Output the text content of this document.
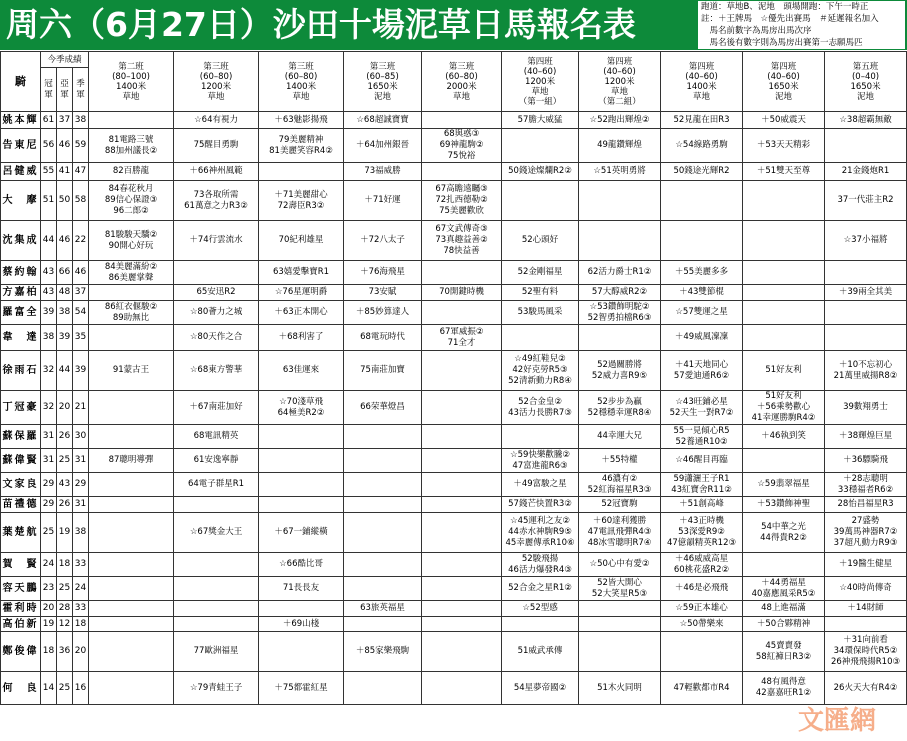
周六（6月27日）沙田十場泥草日馬報名表	跑道：草地B、泥地　頭場開跑：下午一時正
註：＋王牌馬　☆優先出賽馬　＃延遲報名加入
　馬名前數字為馬房出馬次序
　馬名後有數字則為馬房出賽第一志願馬匹
騎	今季成績			第二班
(80–100)
1400米
草地	第三班
(60–80)
1200米
草地	第三班
(60–80)
1400米
草地	第三班
(60–85)
1650米
泥地	第三班
(60–80)
2000米
草地	第四班
(40–60)
1200米
草地
（第一組）	第四班
(40–60)
1200米
草地
（第二組）	第四班
(40–60)
1400米
草地	第四班
(40–60)
1650米
泥地	第五班
(0–40)
1650米
泥地

	冠軍	亞軍	季軍										
姚本輝	61	37	38		☆64有視力	＋63魅影揚飛	☆68超誠寶寶		57膽大威猛	☆52跑出輝煌②	52見龍在田R3	＋50威震天	☆38超霸無敵

告東尼	56	46	59	81電路三號
88加州議長②	75醒目勇駒	79美麗精神
81美麗笑容R4②	＋64加州銀晉	68與惑③
69神龍駒②
75悅裕		49龍鑽輝煌	☆54線路勇駒	＋53天天精彩	

呂健威	55	41	47	82百勝龍	＋66神州風範		73福威勝		50錢途燦爛R2②	☆51英明勇將	50錢途光輝R2	＋51雙天至尊	21金錢炮R1

大　摩	51	50	58	84春花秋月
89信心保證③
96二郎②	73各取所需
61萬意之力R3②	＋71美麗甜心
72壽臣R3②	＋71好運	67高瞻遠矚③
72扎西德勒②
75美麗歡欣					37一代莊主R2

沈集成	44	46	22	81駿駿天驕②
90開心好玩	＋74行雲流水	70紀利雄星	＋72八太子	67文武傳奇③
73真趣益善②
78快益善	52心頭好				☆37小福將

蔡約翰	43	66	46	84美麗滿紛②
86美麗掌聲		63嬉愛擊寶R1	＋76海飛星		52金剛福星	62活力爵士R1②	＋55美麗多多		

方嘉柏	43	48	37		65安迅R2	☆76星運明爵	73安賦	70開鍵時機	52聖有料	57大醇威R2②	＋43雙節棍		＋39兩全其美

羅富全	39	38	54	86紅衣偃駿②
89助無比	☆80薈力之城	＋63正本開心	＋85妙算達人		53駿馬風采	☆53鑽飾明駝②
52智勇拍檔R6③	☆57雙運之星		

韋　達	38	39	35		☆80天作之合	＋68利害了	68電玩時代	67軍威振②
71全才			＋49威風凜凜		

徐雨石	32	44	39	91蒙古王	☆68東方警華	63佳運來	75南莊加寶		☆49紅鞋兒②
42好克勞R5③
52清新動力R8④	52過關勝將
52威力喜R9⑤	＋41天地同心
57愛迪通R6②	51好友利	＋10不忘初心
21萬里威揚R8②

丁冠豪	32	20	21		＋67南莊加好	☆70淺草飛
64極美R2②	66荣華燈昌		52合金皇②
43活力長勝R7③	52步步為贏
52穩穩幸運R8④	☆43旺鋪必星
52天生一對R7②	51好友利
＋56乘勢歡心
41幸運勝駒R4②	39數翔勇士

蘇保羅	31	26	30		68電訊精英					44幸運大兄	55一見傾心R5
52養通R10②	＋46執到笑	＋38輝煌巨星

蘇偉賢	31	25	31	87聰明導彈	61安逸寧靜				☆59快樂歡騰②
47富進龍R6③	＋55特權	☆46醒目再臨		＋36驃騎飛

文家良	29	43	29		64電子群星R1				＋49富駿之星	46濃有②
52紅海福星R3③	59瀟灑王子R1
43紅寶舍R11②	☆59翡翠福星	＋28志聰明
33穩福者R6②

苗禮德	29	26	31						57錢芒快置R3②	52冠寶駒	＋51創高峰	＋53鑽飾神聖	28怡昌福星R3

葉楚航	25	19	38		☆67獎金大王	＋67一鋪縱橫			☆45運利之友②
44赤水神駒R9⑤
45幸麗傳承R10⑥	＋60達利獲勝
47電訊飛彈R4③
48冰雪聰明R7④	＋43正時機
53深愛R9②
47億韻精英R12③	54中華之光
44得貴R2②	27盛勢
39萬馬神器R7②
37超凡動力R9③

賀　賢	24	18	33			☆66酷比哥			52駿飛揚
46活力爆發R4③	☆50心中有愛②	＋46威威高星
60桃花盛R2②		＋19醫生健星

容天鵬	23	25	24			71長長友			52合金之星R1②	52皆大開心
52大笑星R5③	＋46是必飛飛	＋44勇福星
40嘉應風采R5②	☆40時尚傳奇

霍利時	20	28	33				63旅英福星		☆52型感		☆59正本雄心	48上進福滿	＋14財師

高伯新	19	12	18			＋69山棧					☆50帶樂來	＋50合夥精神	

鄭俊偉	18	36	20		77歐洲福星		＋85家樂飛駒		51威武承傳			45賣賣發
58紅褲日R3②	＋31向前看
34環保時代R5②
26神飛飛揚R10③

何　良	14	25	16		☆79青蛙王子	＋75都霍紅星			54星夢帝國②	51木火同明	47輕歡都市R4	48有風得意
42嘉嘉旺R1②	26火天大有R4②
文匯網
